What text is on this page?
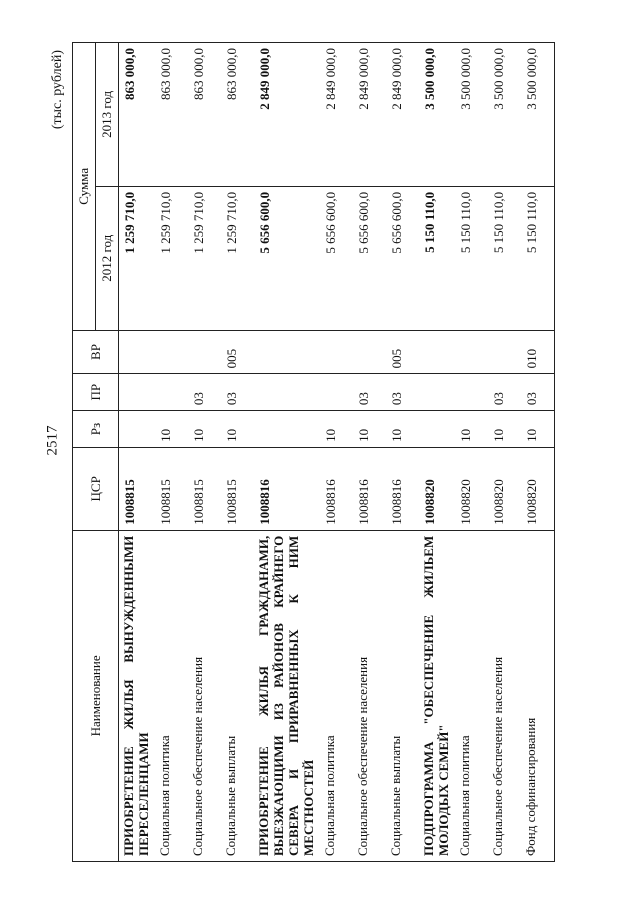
2517
(тыс. рублей)
Наименование	ЦСР	Рз	ПР	ВР	Сумма	
					2012 год	2013 год
ПРИОБРЕТЕНИЕ ЖИЛЬЯ ВЫНУЖДЕННЫМИ ПЕРЕСЕЛЕНЦАМИ	1008815				1 259 710,0	863 000,0
Социальная политика	1008815	10			1 259 710,0	863 000,0
Социальное обеспечение населения	1008815	10	03		1 259 710,0	863 000,0
Социальные выплаты	1008815	10	03	005	1 259 710,0	863 000,0
ПРИОБРЕТЕНИЕ ЖИЛЬЯ ГРАЖДАНАМИ, ВЫЕЗЖАЮЩИМИ ИЗ РАЙОНОВ КРАЙНЕГО СЕВЕРА И ПРИРАВНЕННЫХ К НИМ МЕСТНОСТЕЙ	1008816				5 656 600,0	2 849 000,0
Социальная политика	1008816	10			5 656 600,0	2 849 000,0
Социальное обеспечение населения	1008816	10	03		5 656 600,0	2 849 000,0
Социальные выплаты	1008816	10	03	005	5 656 600,0	2 849 000,0
ПОДПРОГРАММА "ОБЕСПЕЧЕНИЕ ЖИЛЬЕМ МОЛОДЫХ СЕМЕЙ"	1008820				5 150 110,0	3 500 000,0
Социальная политика	1008820	10			5 150 110,0	3 500 000,0
Социальное обеспечение населения	1008820	10	03		5 150 110,0	3 500 000,0
Фонд софинансирования	1008820	10	03	010	5 150 110,0	3 500 000,0
